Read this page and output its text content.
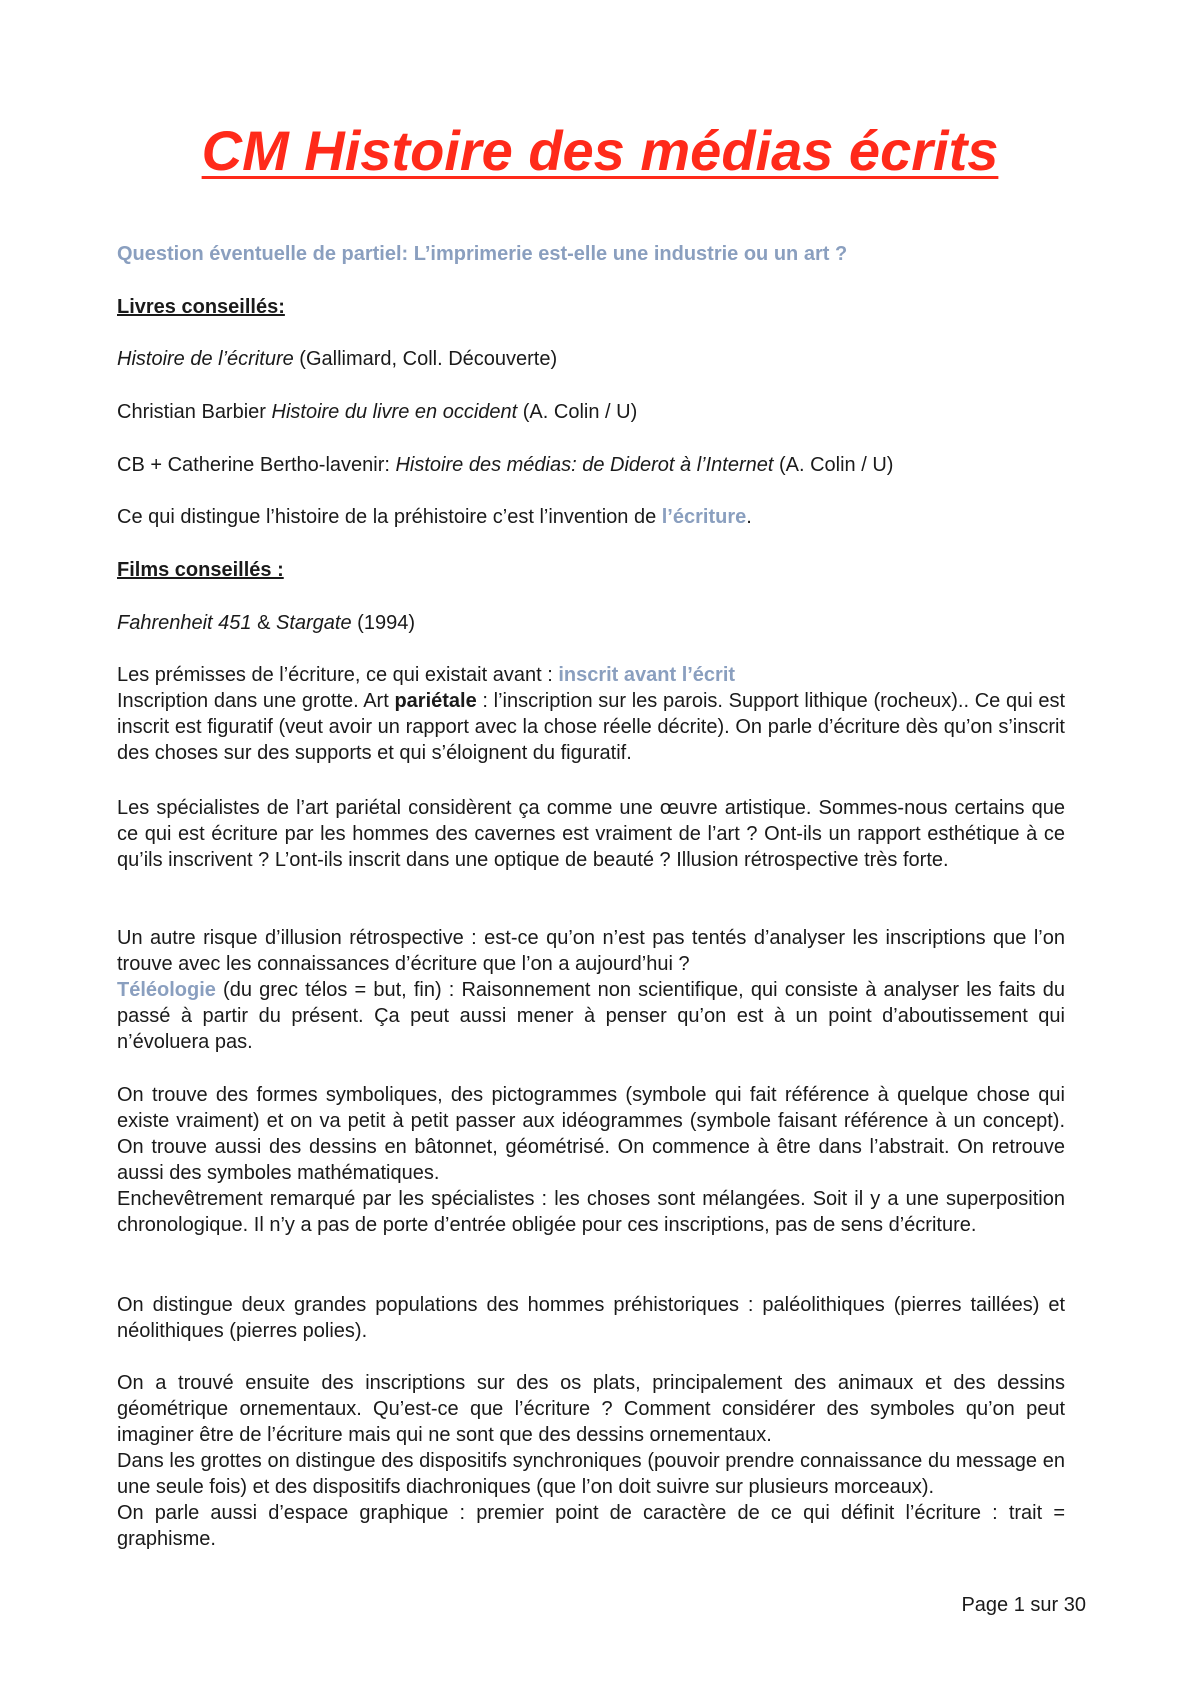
CM Histoire des médias écrits

Question éventuelle de partiel: L’imprimerie est-elle une industrie ou un art ?

Livres conseillés:

Histoire de l’écriture (Gallimard, Coll. Découverte)

Christian Barbier Histoire du livre en occident (A. Colin / U)

CB + Catherine Bertho-lavenir: Histoire des médias: de Diderot à l’Internet (A. Colin / U)

Ce qui distingue l’histoire de la préhistoire c’est l’invention de l’écriture.

Films conseillés :

Fahrenheit 451 & Stargate (1994)

Les prémisses de l’écriture, ce qui existait avant : inscrit avant l’écrit

Inscription dans une grotte. Art pariétale : l’inscription sur les parois. Support lithique (rocheux).. Ce qui est inscrit est figuratif (veut avoir un rapport avec la chose réelle décrite). On parle d’écriture dès qu’on s’inscrit des choses sur des supports et qui s’éloignent du figuratif.

Les spécialistes de l’art pariétal considèrent ça comme une œuvre artistique. Sommes-nous certains que ce qui est écriture par les hommes des cavernes est vraiment de l’art ? Ont-ils un rapport esthétique à ce qu’ils inscrivent ? L’ont-ils inscrit dans une optique de beauté ? Illusion rétrospective très forte.

Un autre risque d’illusion rétrospective : est-ce qu’on n’est pas tentés d’analyser les inscriptions que l’on trouve avec les connaissances d’écriture que l’on a aujourd’hui ?

Téléologie (du grec télos = but, fin) : Raisonnement non scientifique, qui consiste à analyser les faits du passé à partir du présent. Ça peut aussi mener à penser qu’on est à un point d’aboutissement qui n’évoluera pas.

On trouve des formes symboliques, des pictogrammes (symbole qui fait référence à quelque chose qui existe vraiment) et on va petit à petit passer aux idéogrammes (symbole faisant référence à un concept). On trouve aussi des dessins en bâtonnet, géométrisé. On commence à être dans l’abstrait. On retrouve aussi des symboles mathématiques.

Enchevêtrement remarqué par les spécialistes : les choses sont mélangées. Soit il y a une superposition chronologique. Il n’y a pas de porte d’entrée obligée pour ces inscriptions, pas de sens d’écriture.

On distingue deux grandes populations des hommes préhistoriques : paléolithiques (pierres taillées) et néolithiques (pierres polies).

On a trouvé ensuite des inscriptions sur des os plats, principalement des animaux et des dessins géométrique ornementaux. Qu’est-ce que l’écriture ? Comment considérer des symboles qu’on peut imaginer être de l’écriture mais qui ne sont que des dessins ornementaux.

Dans les grottes on distingue des dispositifs synchroniques (pouvoir prendre connaissance du message en une seule fois) et des dispositifs diachroniques (que l’on doit suivre sur plusieurs morceaux).

On parle aussi d’espace graphique : premier point de caractère de ce qui définit l’écriture : trait = graphisme.

Page 1 sur 30
